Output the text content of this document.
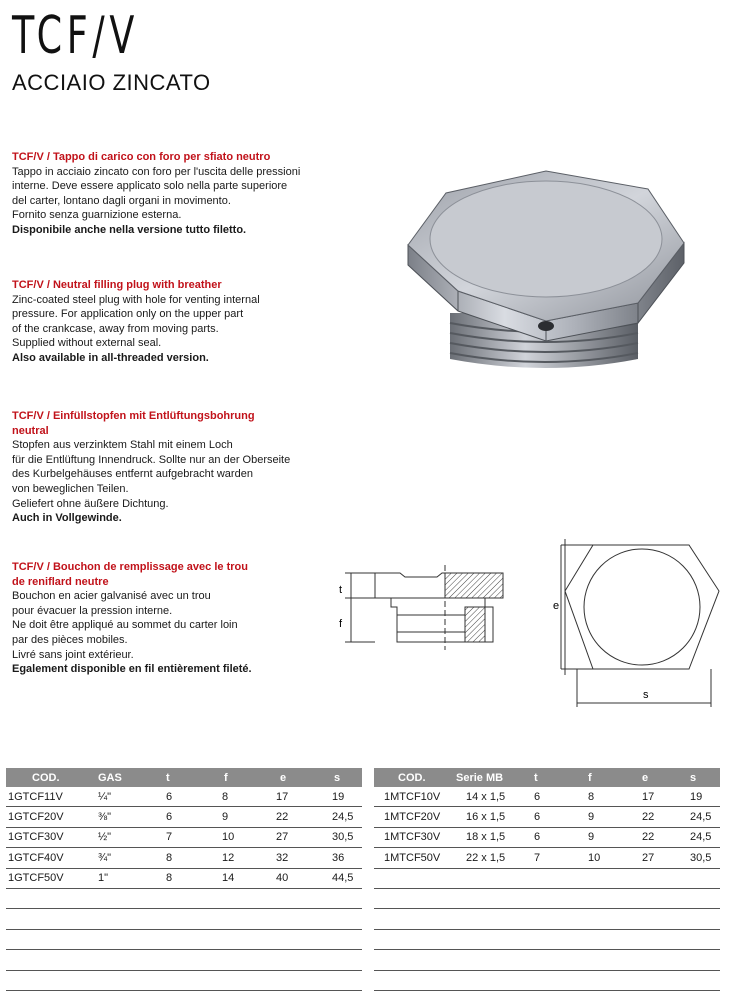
TCF/V
ACCIAIO ZINCATO
TCF/V / Tappo di carico con foro per sfiato neutro

Tappo in acciaio zincato con foro per l'uscita delle pressioni

interne. Deve essere applicato solo nella parte superiore

del carter, lontano dagli organi in movimento.

Fornito senza guarnizione esterna.

Disponibile anche nella versione tutto filetto.

TCF/V / Neutral filling plug with breather

Zinc-coated steel plug with hole for venting internal

pressure. For application only on the upper part

of the crankcase, away from moving parts.

Supplied without external seal.

Also available in all-threaded version.

TCF/V / Einfüllstopfen mit Entlüftungsbohrung
neutral

Stopfen aus verzinktem Stahl mit einem Loch

für die Entlüftung Innendruck. Sollte nur an der Oberseite

des Kurbelgehäuses entfernt aufgebracht warden

von beweglichen Teilen.

Geliefert ohne äußere Dichtung.

Auch in Vollgewinde.

TCF/V / Bouchon de remplissage avec le trou
de reniflard neutre

Bouchon en acier galvanisé avec un trou

pour évacuer la pression interne.

Ne doit être appliqué au sommet du carter loin

par des pièces mobiles.

Livré sans joint extérieur.

Egalement disponible en fil entièrement fileté.

t
f
e
s
COD.	GAS	t	f	e	s
1GTCF11V	¼"	6	8	17	19
1GTCF20V	⅜"	6	9	22	24,5
1GTCF30V	½"	7	10	27	30,5
1GTCF40V	¾"	8	12	32	36
1GTCF50V	1"	8	14	40	44,5

COD.	Serie MB	t	f	e	s
1MTCF10V	14 x 1,5	6	8	17	19
1MTCF20V	16 x 1,5	6	9	22	24,5
1MTCF30V	18 x 1,5	6	9	22	24,5
1MTCF50V	22 x 1,5	7	10	27	30,5
